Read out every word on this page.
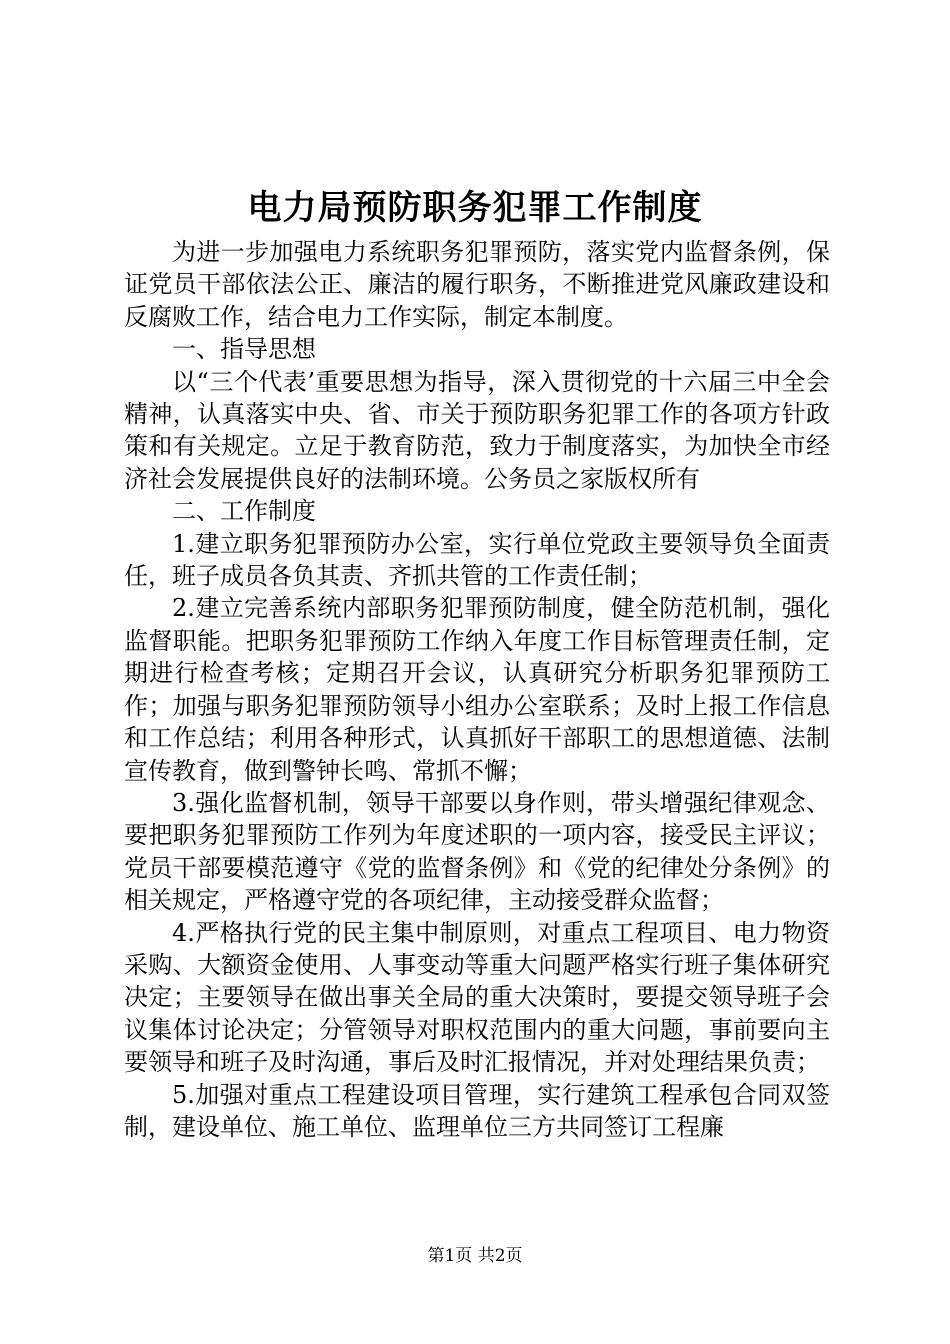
电力局预防职务犯罪工作制度

为进一步加强电力系统职务犯罪预防，落实党内监督条例，保证党员干部依法公正、廉洁的履行职务，不断推进党风廉政建设和反腐败工作，结合电力工作实际，制定本制度。

一、指导思想

以“三个代表’重要思想为指导，深入贯彻党的十六届三中全会精神，认真落实中央、省、市关于预防职务犯罪工作的各项方针政策和有关规定。立足于教育防范，致力于制度落实，为加快全市经济社会发展提供良好的法制环境。公务员之家版权所有

二、工作制度

1.建立职务犯罪预防办公室，实行单位党政主要领导负全面责任，班子成员各负其责、齐抓共管的工作责任制；

2.建立完善系统内部职务犯罪预防制度，健全防范机制，强化监督职能。把职务犯罪预防工作纳入年度工作目标管理责任制，定期进行检查考核；定期召开会议，认真研究分析职务犯罪预防工作；加强与职务犯罪预防领导小组办公室联系；及时上报工作信息和工作总结；利用各种形式，认真抓好干部职工的思想道德、法制宣传教育，做到警钟长鸣、常抓不懈；

3.强化监督机制，领导干部要以身作则，带头增强纪律观念、要把职务犯罪预防工作列为年度述职的一项内容，接受民主评议；党员干部要模范遵守《党的监督条例》和《党的纪律处分条例》的相关规定，严格遵守党的各项纪律，主动接受群众监督；

4.严格执行党的民主集中制原则，对重点工程项目、电力物资采购、大额资金使用、人事变动等重大问题严格实行班子集体研究决定；主要领导在做出事关全局的重大决策时，要提交领导班子会议集体讨论决定；分管领导对职权范围内的重大问题，事前要向主要领导和班子及时沟通，事后及时汇报情况，并对处理结果负责；

5.加强对重点工程建设项目管理，实行建筑工程承包合同双签制，建设单位、施工单位、监理单位三方共同签订工程廉

第1页 共2页
